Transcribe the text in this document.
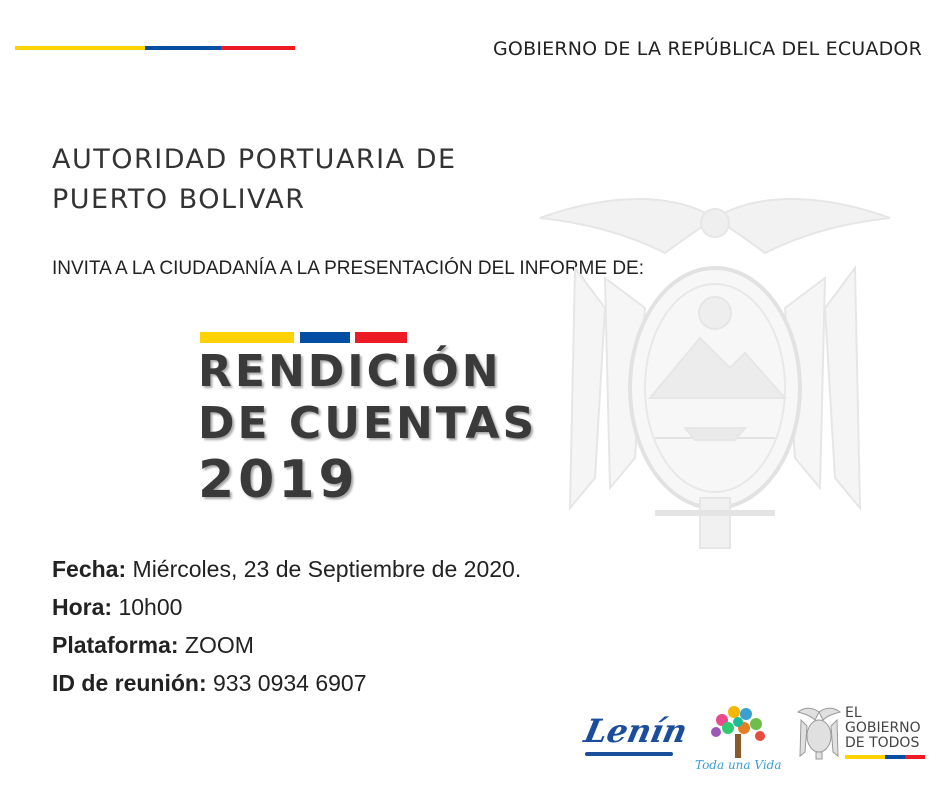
GOBIERNO DE LA REPÚBLICA DEL ECUADOR
AUTORIDAD PORTUARIA DE
PUERTO BOLIVAR
INVITA A LA CIUDADANÍA A LA PRESENTACIÓN DEL INFORME DE:
RENDICIÓN
DE CUENTAS
2019
Fecha: Miércoles, 23 de Septiembre de 2020.
Hora: 10h00
Plataforma: ZOOM
ID de reunión: 933 0934 6907
Lenín
Toda una Vida
EL
GOBIERNO
DE TODOS
